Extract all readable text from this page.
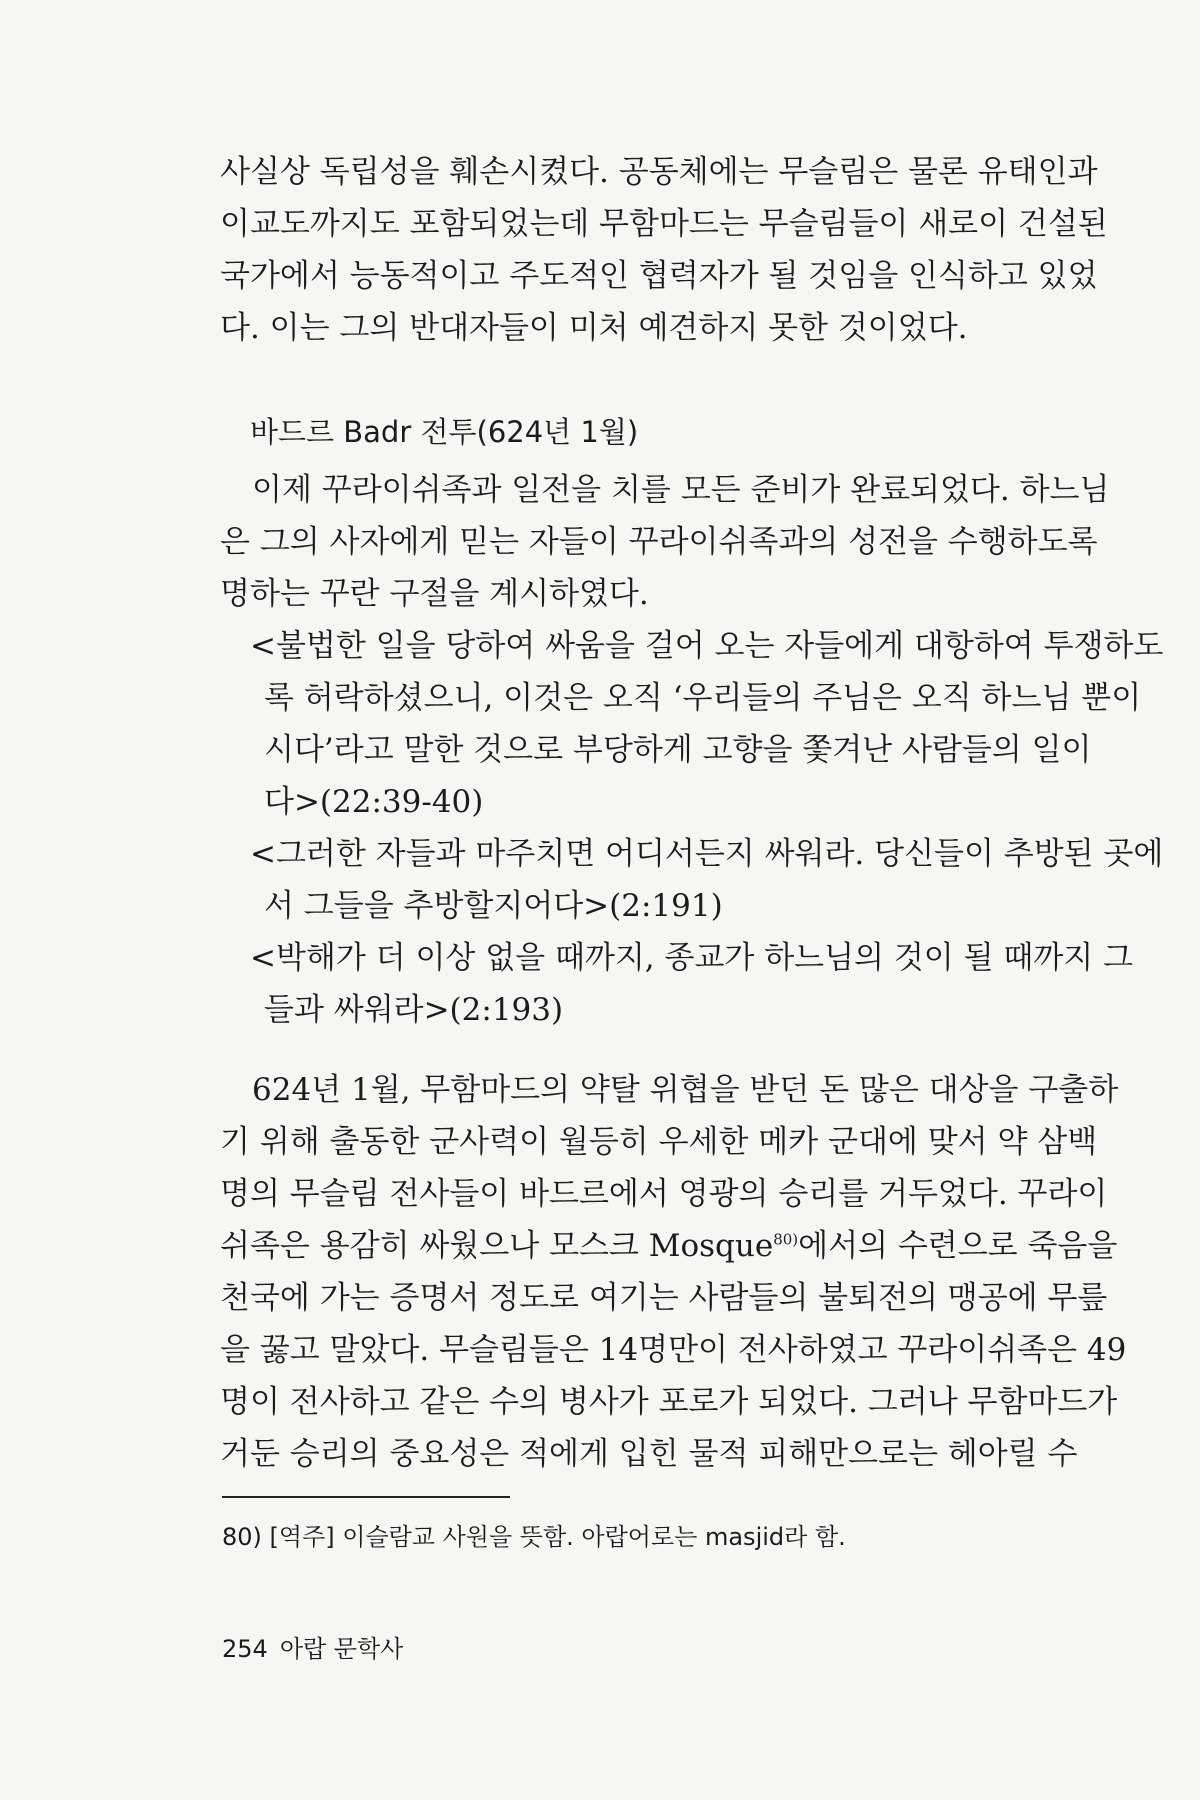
사실상 독립성을 훼손시켰다. 공동체에는 무슬림은 물론 유태인과
이교도까지도 포함되었는데 무함마드는 무슬림들이 새로이 건설된
국가에서 능동적이고 주도적인 협력자가 될 것임을 인식하고 있었
다. 이는 그의 반대자들이 미처 예견하지 못한 것이었다.
바드르 Badr 전투(624년 1월)
이제 꾸라이쉬족과 일전을 치를 모든 준비가 완료되었다. 하느님
은 그의 사자에게 믿는 자들이 꾸라이쉬족과의 성전을 수행하도록
명하는 꾸란 구절을 계시하였다.
<불법한 일을 당하여 싸움을 걸어 오는 자들에게 대항하여 투쟁하도
록 허락하셨으니, 이것은 오직 ‘우리들의 주님은 오직 하느님 뿐이
시다’라고 말한 것으로 부당하게 고향을 쫓겨난 사람들의 일이
다>(22:39-40)
<그러한 자들과 마주치면 어디서든지 싸워라. 당신들이 추방된 곳에
서 그들을 추방할지어다>(2:191)
<박해가 더 이상 없을 때까지, 종교가 하느님의 것이 될 때까지 그
들과 싸워라>(2:193)
624년 1월, 무함마드의 약탈 위협을 받던 돈 많은 대상을 구출하
기 위해 출동한 군사력이 월등히 우세한 메카 군대에 맞서 약 삼백
명의 무슬림 전사들이 바드르에서 영광의 승리를 거두었다. 꾸라이
쉬족은 용감히 싸웠으나 모스크 Mosque$^{80)}$에서의 수련으로 죽음을
천국에 가는 증명서 정도로 여기는 사람들의 불퇴전의 맹공에 무릎
을 꿇고 말았다. 무슬림들은 14명만이 전사하였고 꾸라이쉬족은 49
명이 전사하고 같은 수의 병사가 포로가 되었다. 그러나 무함마드가
거둔 승리의 중요성은 적에게 입힌 물적 피해만으로는 헤아릴 수
80) [역주] 이슬람교 사원을 뜻함. 아랍어로는 masjid라 함.
254 아랍 문학사
